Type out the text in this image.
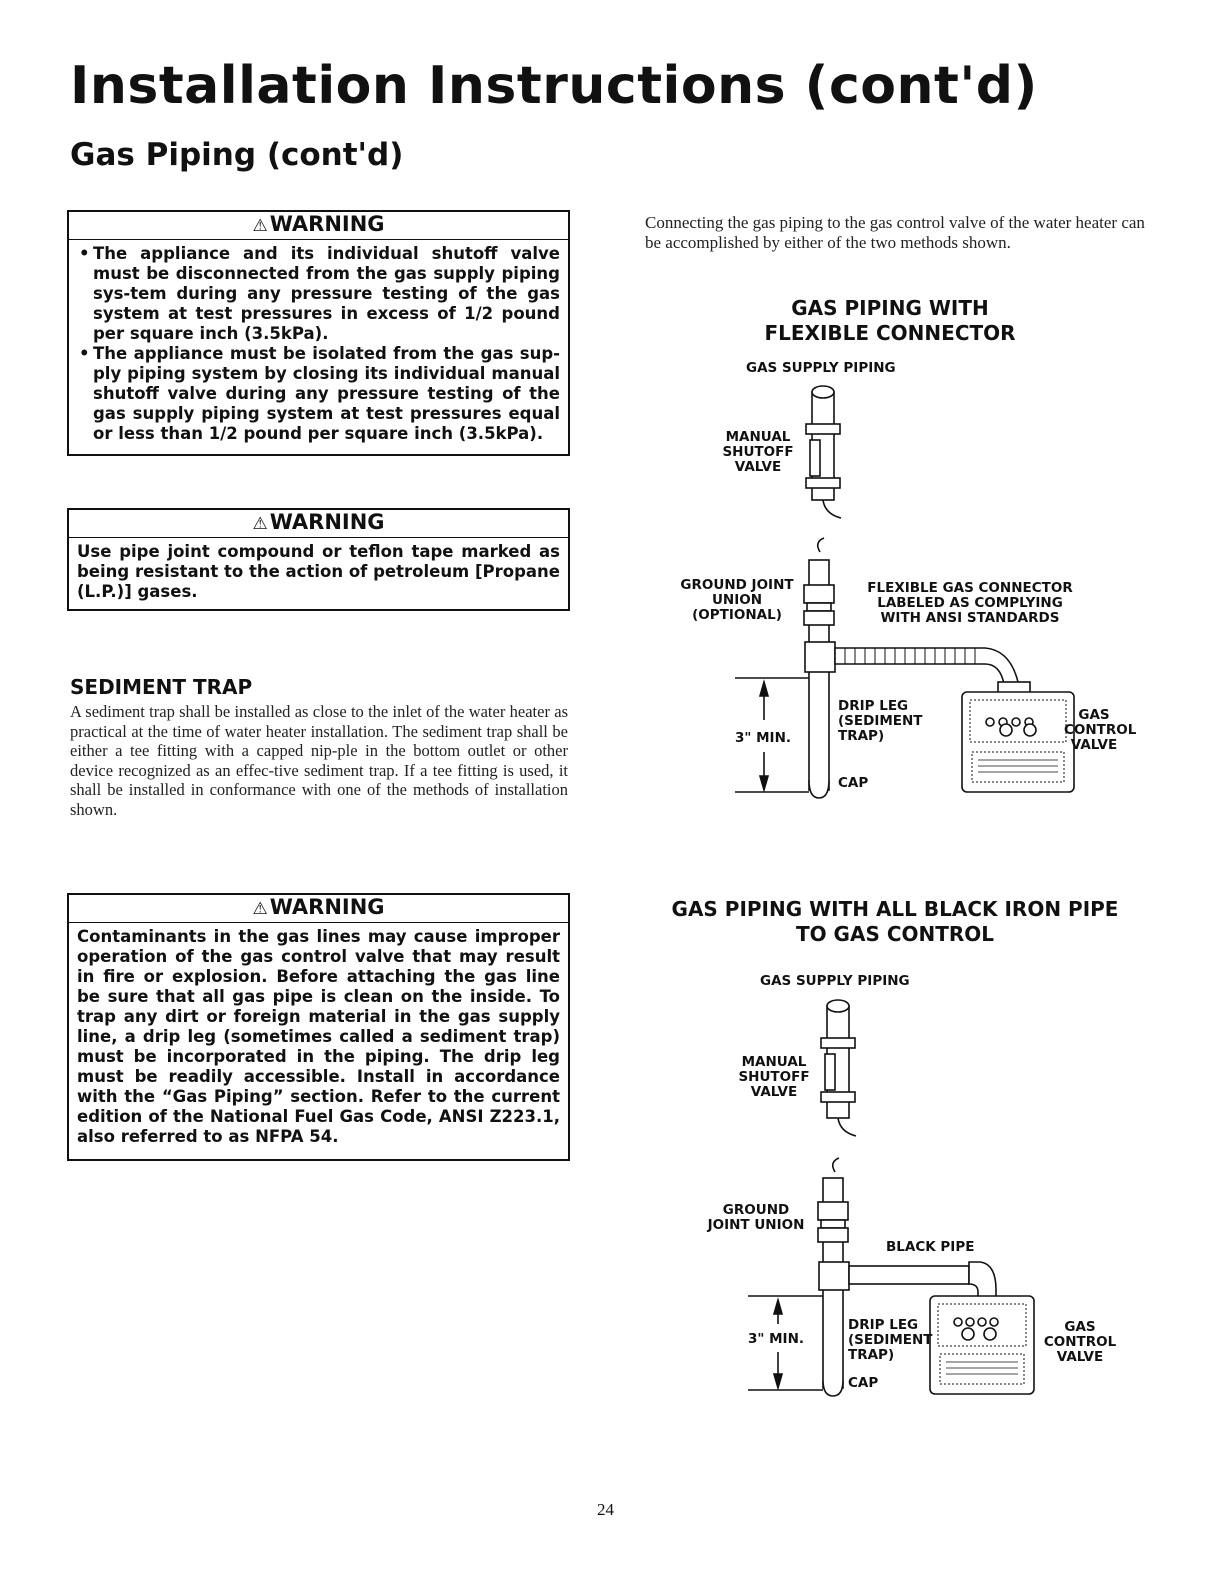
Installation Instructions (cont'd)
Gas Piping (cont'd)
⚠WARNING
• The appliance and its individual shutoff valve must be disconnected from the gas supply piping sys-tem during any pressure testing of the gas system at test pressures in excess of 1/2 pound per square inch (3.5kPa).
• The appliance must be isolated from the gas sup-ply piping system by closing its individual manual shutoff valve during any pressure testing of the gas supply piping system at test pressures equal or less than 1/2 pound per square inch (3.5kPa).
⚠WARNING

Use pipe joint compound or teflon tape marked as being resistant to the action of petroleum [Propane (L.P.)] gases.

SEDIMENT TRAP

A sediment trap shall be installed as close to the inlet of the water heater as practical at the time of water heater installation. The sediment trap shall be either a tee fitting with a capped nip-ple in the bottom outlet or other device recognized as an effec-tive sediment trap. If a tee fitting is used, it shall be installed in conformance with one of the methods of installation shown.

⚠WARNING

Contaminants in the gas lines may cause improper operation of the gas control valve that may result in fire or explosion. Before attaching the gas line be sure that all gas pipe is clean on the inside. To trap any dirt or foreign material in the gas supply line, a drip leg (sometimes called a sediment trap) must be incorporated in the piping. The drip leg must be readily accessible. Install in accordance with the “Gas Piping” section. Refer to the current edition of the National Fuel Gas Code, ANSI Z223.1, also referred to as NFPA 54.

Connecting the gas piping to the gas control valve of the water heater can be accomplished by either of the two methods shown.

GAS PIPING WITH
FLEXIBLE CONNECTOR
GAS SUPPLY PIPING
MANUAL
SHUTOFF
VALVE
GROUND JOINT
UNION
(OPTIONAL)
FLEXIBLE GAS CONNECTOR
LABELED AS COMPLYING
WITH ANSI STANDARDS
DRIP LEG
(SEDIMENT
TRAP)
3" MIN.
CAP
GAS
CONTROL
VALVE
GAS PIPING WITH ALL BLACK IRON PIPE
TO GAS CONTROL
GAS SUPPLY PIPING
MANUAL
SHUTOFF
VALVE
GROUND
JOINT UNION
BLACK PIPE
DRIP LEG
(SEDIMENT
TRAP)
3" MIN.
CAP
GAS
CONTROL
VALVE
24
